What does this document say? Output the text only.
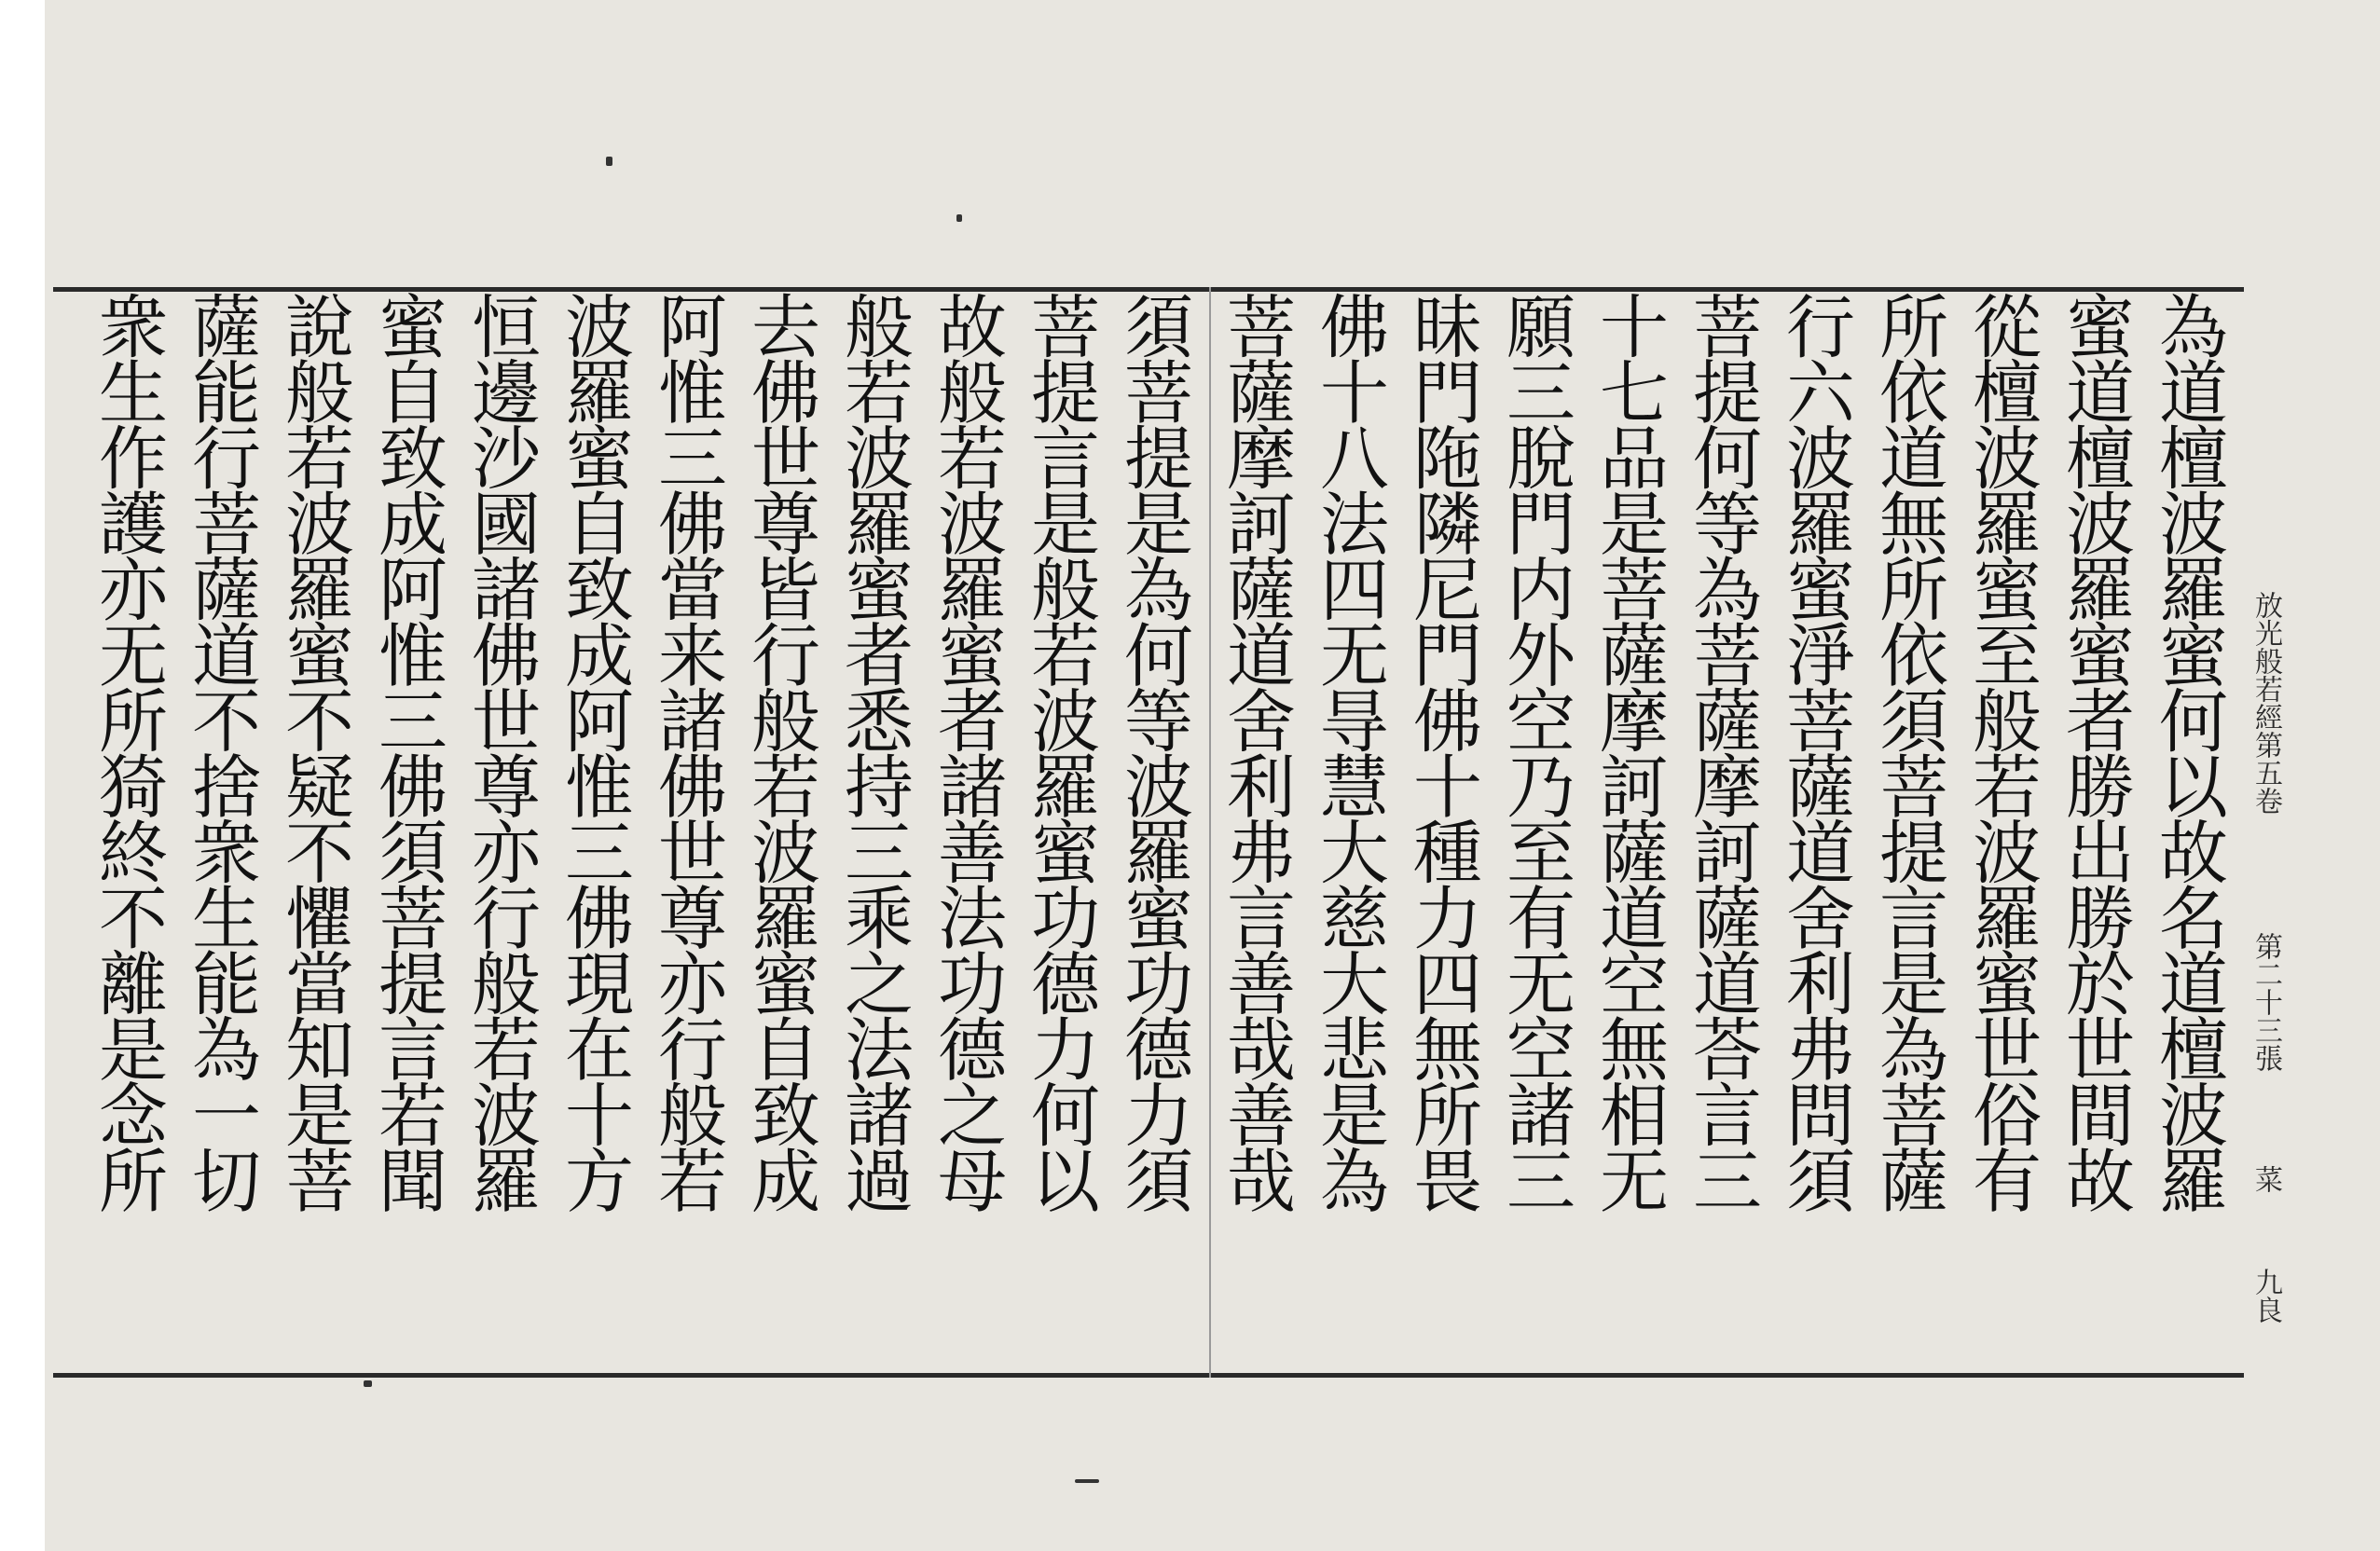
為道檀波羅蜜何以故名道檀波羅
蜜道檀波羅蜜者勝出勝於世間故
從檀波羅蜜至般若波羅蜜世俗有
所依道無所依須菩提言是為菩薩
行六波羅蜜淨菩薩道舍利弗問須
菩提何等為菩薩摩訶薩道荅言三
十七品是菩薩摩訶薩道空無相无
願三脫門内外空乃至有无空諸三
昧門陁隣尼門佛十種力四無所畏
佛十八法四无㝵慧大慈大悲是為
菩薩摩訶薩道舍利弗言善哉善哉
須菩提是為何等波羅蜜功德力須
菩提言是般若波羅蜜功德力何以
故般若波羅蜜者諸善法功德之母
般若波羅蜜者悉持三乘之法諸過
去佛世尊皆行般若波羅蜜自致成
阿惟三佛當来諸佛世尊亦行般若
波羅蜜自致成阿惟三佛現在十方
恒邊沙國諸佛世尊亦行般若波羅
蜜自致成阿惟三佛須菩提言若聞
說般若波羅蜜不疑不懼當知是菩
薩能行菩薩道不捨衆生能為一切
衆生作護亦无所猗終不離是念所	放光般若經第五卷
第二十三張
菜
九良
